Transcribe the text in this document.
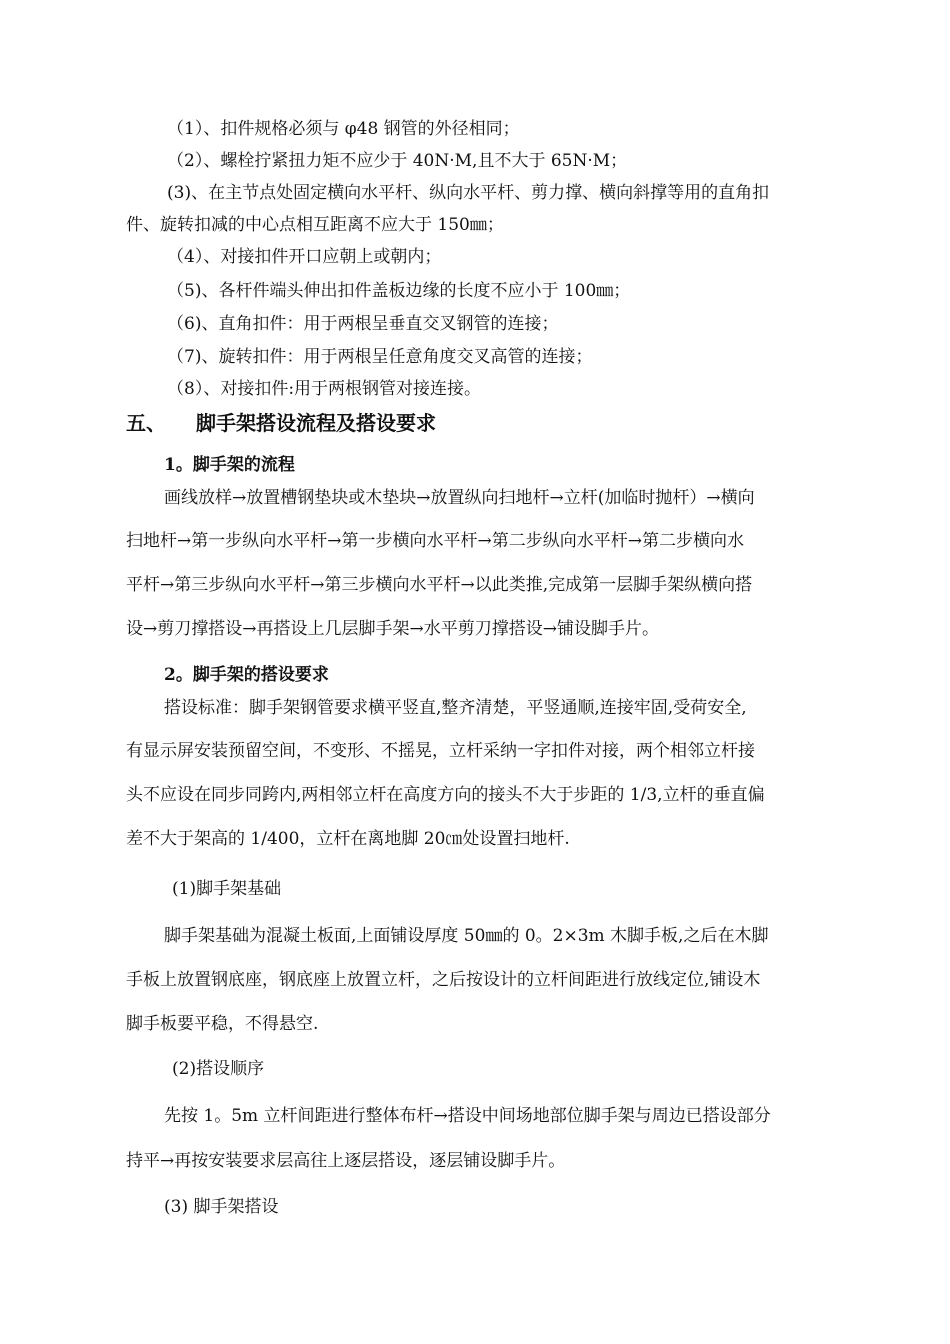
（1）、扣件规格必须与 φ48 钢管的外径相同；
（2）、螺栓拧紧扭力矩不应少于 40N·M,且不大于 65N·M；
(3)、在主节点处固定横向水平杆、纵向水平杆、剪力撑、横向斜撑等用的直角扣
件、旋转扣减的中心点相互距离不应大于 150㎜；
（4）、对接扣件开口应朝上或朝内；
（5)、各杆件端头伸出扣件盖板边缘的长度不应小于 100㎜；
（6)、直角扣件：用于两根呈垂直交叉钢管的连接；
（7)、旋转扣件：用于两根呈任意角度交叉高管的连接；
（8）、对接扣件:用于两根钢管对接连接。
五、 脚手架搭设流程及搭设要求
1。脚手架的流程
画线放样→放置槽钢垫块或木垫块→放置纵向扫地杆→立杆(加临时抛杆）→横向
扫地杆→第一步纵向水平杆→第一步横向水平杆→第二步纵向水平杆→第二步横向水
平杆→第三步纵向水平杆→第三步横向水平杆→以此类推,完成第一层脚手架纵横向搭
设→剪刀撑搭设→再搭设上几层脚手架→水平剪刀撑搭设→铺设脚手片。
2。脚手架的搭设要求
搭设标准：脚手架钢管要求横平竖直,整齐清楚，平竖通顺,连接牢固,受荷安全,
有显示屏安装预留空间，不变形、不摇晃，立杆采纳一字扣件对接，两个相邻立杆接
头不应设在同步同跨内,两相邻立杆在高度方向的接头不大于步距的 1/3,立杆的垂直偏
差不大于架高的 1/400，立杆在离地脚 20㎝处设置扫地杆.
(1)脚手架基础
脚手架基础为混凝土板面,上面铺设厚度 50㎜的 0。2×3m 木脚手板,之后在木脚
手板上放置钢底座，钢底座上放置立杆，之后按设计的立杆间距进行放线定位,铺设木
脚手板要平稳，不得悬空.
(2)搭设顺序
先按 1。5m 立杆间距进行整体布杆→搭设中间场地部位脚手架与周边已搭设部分
持平→再按安装要求层高往上逐层搭设，逐层铺设脚手片。
(3) 脚手架搭设
